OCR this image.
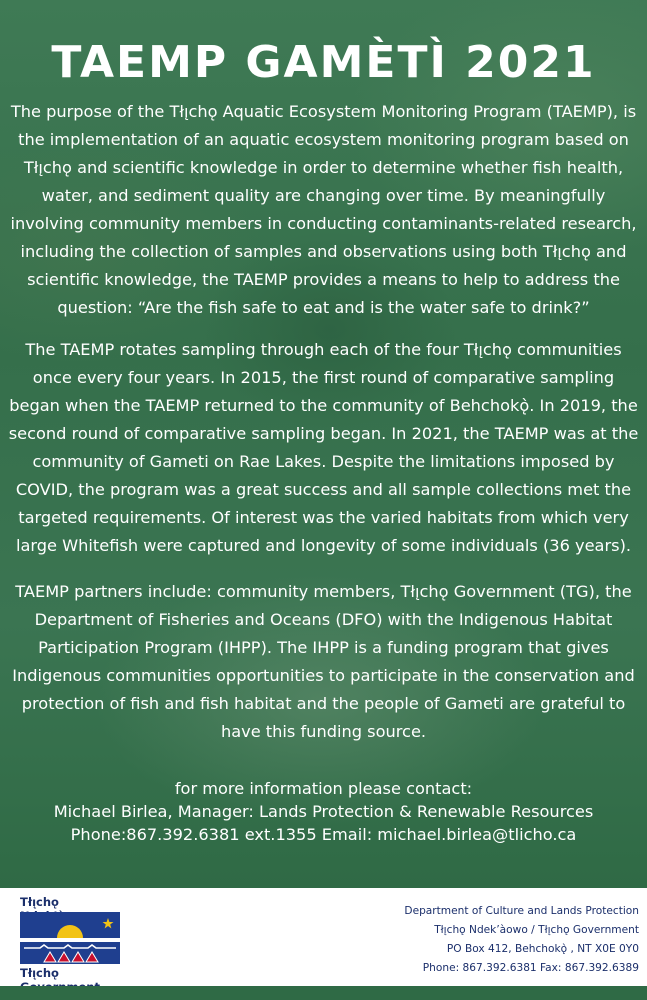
TAEMP GAMÈTÌ 2021

The purpose of the Tłı̨chǫ Aquatic Ecosystem Monitoring Program (TAEMP), is the implementation of an aquatic ecosystem monitoring program based on Tłı̨chǫ and scientific knowledge in order to determine whether fish health, water, and sediment quality are changing over time. By meaningfully involving community members in conducting contaminants-related research, including the collection of samples and observations using both Tłı̨chǫ and scientific knowledge, the TAEMP provides a means to help to address the question: “Are the fish safe to eat and is the water safe to drink?”

The TAEMP rotates sampling through each of the four Tłı̨chǫ communities once every four years. In 2015, the first round of comparative sampling began when the TAEMP returned to the community of Behchokǫ̀. In 2019, the second round of comparative sampling began. In 2021, the TAEMP was at the community of Gameti on Rae Lakes. Despite the limitations imposed by COVID, the program was a great success and all sample collections met the targeted requirements. Of interest was the varied habitats from which very large Whitefish were captured and longevity of some individuals (36 years).

TAEMP partners include: community members, Tłı̨chǫ Government (TG), the Department of Fisheries and Oceans (DFO) with the Indigenous Habitat Participation Program (IHPP). The IHPP is a funding program that gives Indigenous communities opportunities to participate in the conservation and protection of fish and fish habitat and the people of Gameti are grateful to have this funding source.

for more information please contact:
Michael Birlea, Manager: Lands Protection & Renewable Resources
Phone:867.392.6381 ext.1355 Email: michael.birlea@tlicho.ca
Tłı̨chǫ
Tłı̨chǫ
Department of Culture and Lands Protection
Tłı̨chǫ Ndek’àowo / Tłı̨chǫ Government
PO Box 412, Behchokǫ̀ , NT X0E 0Y0
Phone: 867.392.6381 Fax: 867.392.6389
